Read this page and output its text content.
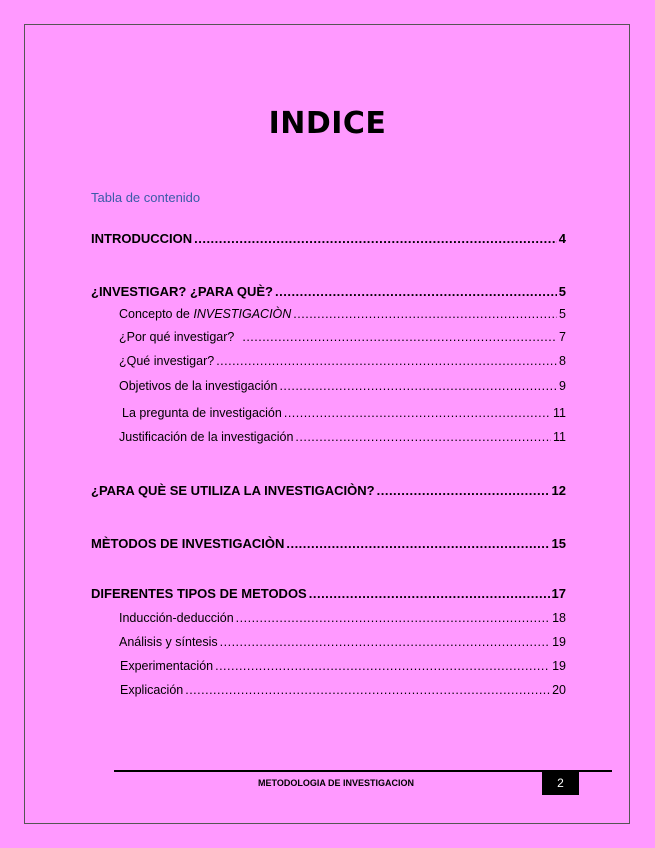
INDICE
Tabla de contenido
INTRODUCCION .....	4
¿INVESTIGAR? ¿PARA QUÈ? .....	5
Concepto de INVESTIGACIÒN .....	5
¿Por qué investigar? .....	7
¿Qué investigar? .....	8
Objetivos de la investigación .....	9
La pregunta de investigación .....	11
Justificación de la investigación .....	11
¿PARA QUÈ SE UTILIZA LA INVESTIGACIÒN? .....	12
MÈTODOS DE INVESTIGACIÒN .....	15
DIFERENTES TIPOS DE METODOS .....	17
Inducción-deducción .....	18
Análisis y síntesis .....	19
Experimentación .....	19
Explicación .....	20
METODOLOGIA DE INVESTIGACION	2
